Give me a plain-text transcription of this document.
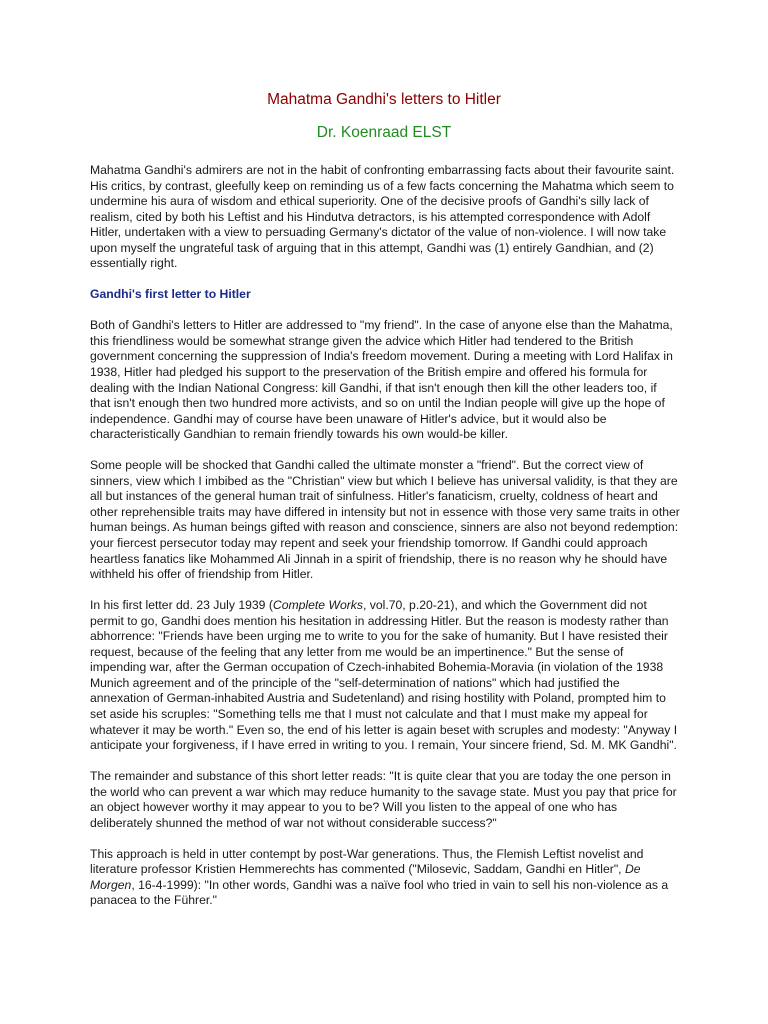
Mahatma Gandhi's letters to Hitler
Dr. Koenraad ELST

Mahatma Gandhi's admirers are not in the habit of confronting embarrassing facts about their favourite saint. His critics, by contrast, gleefully keep on reminding us of a few facts concerning the Mahatma which seem to undermine his aura of wisdom and ethical superiority. One of the decisive proofs of Gandhi's silly lack of realism, cited by both his Leftist and his Hindutva detractors, is his attempted correspondence with Adolf Hitler, undertaken with a view to persuading Germany's dictator of the value of non-violence. I will now take upon myself the ungrateful task of arguing that in this attempt, Gandhi was (1) entirely Gandhian, and (2) essentially right.

Gandhi's first letter to Hitler

Both of Gandhi's letters to Hitler are addressed to "my friend". In the case of anyone else than the Mahatma, this friendliness would be somewhat strange given the advice which Hitler had tendered to the British government concerning the suppression of India's freedom movement. During a meeting with Lord Halifax in 1938, Hitler had pledged his support to the preservation of the British empire and offered his formula for dealing with the Indian National Congress: kill Gandhi, if that isn't enough then kill the other leaders too, if that isn't enough then two hundred more activists, and so on until the Indian people will give up the hope of independence. Gandhi may of course have been unaware of Hitler's advice, but it would also be characteristically Gandhian to remain friendly towards his own would-be killer.

Some people will be shocked that Gandhi called the ultimate monster a "friend". But the correct view of sinners, view which I imbibed as the "Christian" view but which I believe has universal validity, is that they are all but instances of the general human trait of sinfulness. Hitler's fanaticism, cruelty, coldness of heart and other reprehensible traits may have differed in intensity but not in essence with those very same traits in other human beings. As human beings gifted with reason and conscience, sinners are also not beyond redemption: your fiercest persecutor today may repent and seek your friendship tomorrow. If Gandhi could approach heartless fanatics like Mohammed Ali Jinnah in a spirit of friendship, there is no reason why he should have withheld his offer of friendship from Hitler.

In his first letter dd. 23 July 1939 (Complete Works, vol.70, p.20-21), and which the Government did not permit to go, Gandhi does mention his hesitation in addressing Hitler. But the reason is modesty rather than abhorrence: "Friends have been urging me to write to you for the sake of humanity. But I have resisted their request, because of the feeling that any letter from me would be an impertinence." But the sense of impending war, after the German occupation of Czech-inhabited Bohemia-Moravia (in violation of the 1938 Munich agreement and of the principle of the "self-determination of nations" which had justified the annexation of German-inhabited Austria and Sudetenland) and rising hostility with Poland, prompted him to set aside his scruples: "Something tells me that I must not calculate and that I must make my appeal for whatever it may be worth." Even so, the end of his letter is again beset with scruples and modesty: "Anyway I anticipate your forgiveness, if I have erred in writing to you. I remain, Your sincere friend, Sd. M. MK Gandhi".

The remainder and substance of this short letter reads: "It is quite clear that you are today the one person in the world who can prevent a war which may reduce humanity to the savage state. Must you pay that price for an object however worthy it may appear to you to be? Will you listen to the appeal of one who has deliberately shunned the method of war not without considerable success?"

This approach is held in utter contempt by post-War generations. Thus, the Flemish Leftist novelist and literature professor Kristien Hemmerechts has commented ("Milosevic, Saddam, Gandhi en Hitler", De Morgen, 16-4-1999): "In other words, Gandhi was a naïve fool who tried in vain to sell his non-violence as a panacea to the Führer."
